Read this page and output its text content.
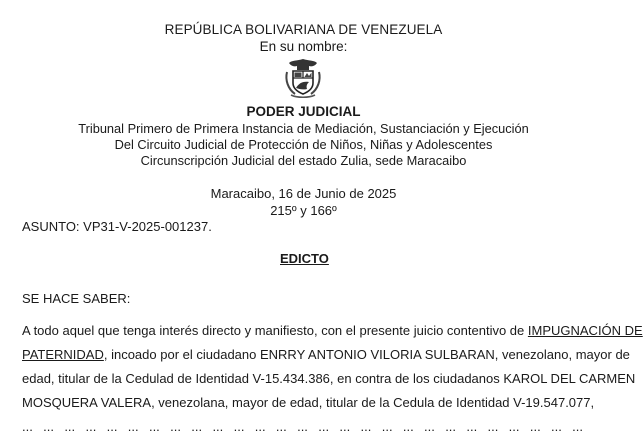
REPÚBLICA BOLIVARIANA DE VENEZUELA
En su nombre:
PODER JUDICIAL
Tribunal Primero de Primera Instancia de Mediación, Sustanciación y Ejecución
Del Circuito Judicial de Protección de Niños, Niñas y Adolescentes
Circunscripción Judicial del estado Zulia, sede Maracaibo
Maracaibo, 16 de Junio de 2025
215º y 166º
ASUNTO: VP31-V-2025-001237.
EDICTO
SE HACE SABER:
A todo aquel que tenga interés directo y manifiesto, con el presente juicio contentivo de IMPUGNACIÓN DE
PATERNIDAD, incoado por el ciudadano ENRRY ANTONIO VILORIA SULBARAN, venezolano, mayor de
edad, titular de la Cedulad de Identidad V-15.434.386, en contra de los ciudadanos KAROL DEL CARMEN
MOSQUERA VALERA, venezolana, mayor de edad, titular de la Cedula de Identidad V-19.547.077,
... ... ... ... ... ... ... ... ... ... ... ... ... ... ... ... ... ... ... ... ... ... ... ... ... ... ...
